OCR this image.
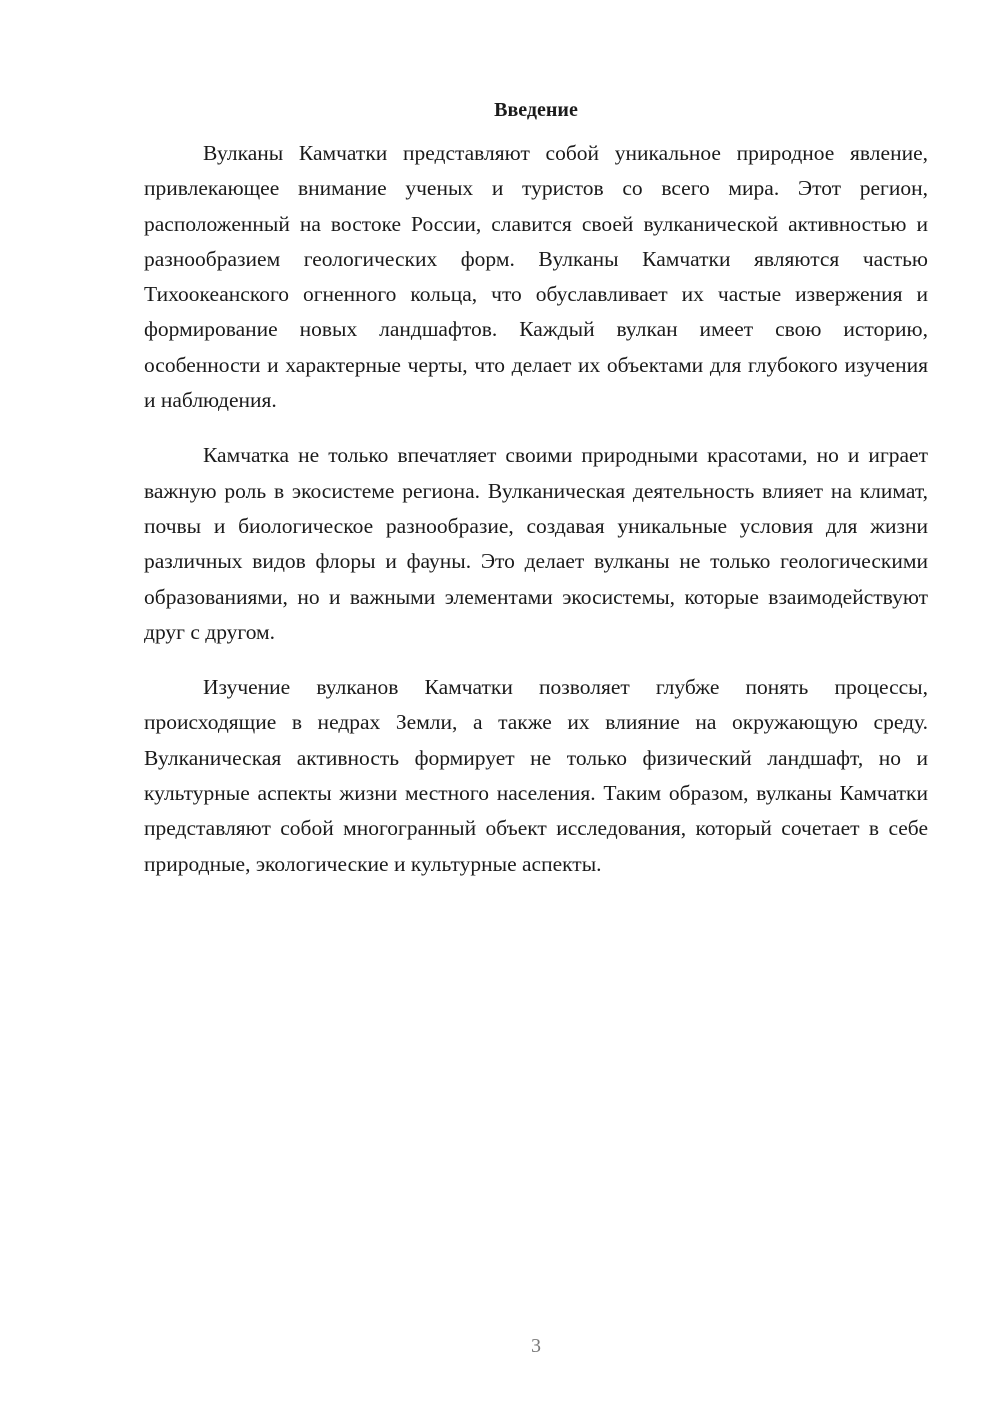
Введение

Вулканы Камчатки представляют собой уникальное природное явление, привлекающее внимание ученых и туристов со всего мира. Этот регион, расположенный на востоке России, славится своей вулканической активностью и разнообразием геологических форм. Вулканы Камчатки являются частью Тихоокеанского огненного кольца, что обуславливает их частые извержения и формирование новых ландшафтов. Каждый вулкан имеет свою историю, особенности и характерные черты, что делает их объектами для глубокого изучения и наблюдения.

Камчатка не только впечатляет своими природными красотами, но и играет важную роль в экосистеме региона. Вулканическая деятельность влияет на климат, почвы и биологическое разнообразие, создавая уникальные условия для жизни различных видов флоры и фауны. Это делает вулканы не только геологическими образованиями, но и важными элементами экосистемы, которые взаимодействуют друг с другом.

Изучение вулканов Камчатки позволяет глубже понять процессы, происходящие в недрах Земли, а также их влияние на окружающую среду. Вулканическая активность формирует не только физический ландшафт, но и культурные аспекты жизни местного населения. Таким образом, вулканы Камчатки представляют собой многогранный объект исследования, который сочетает в себе природные, экологические и культурные аспекты.

3
